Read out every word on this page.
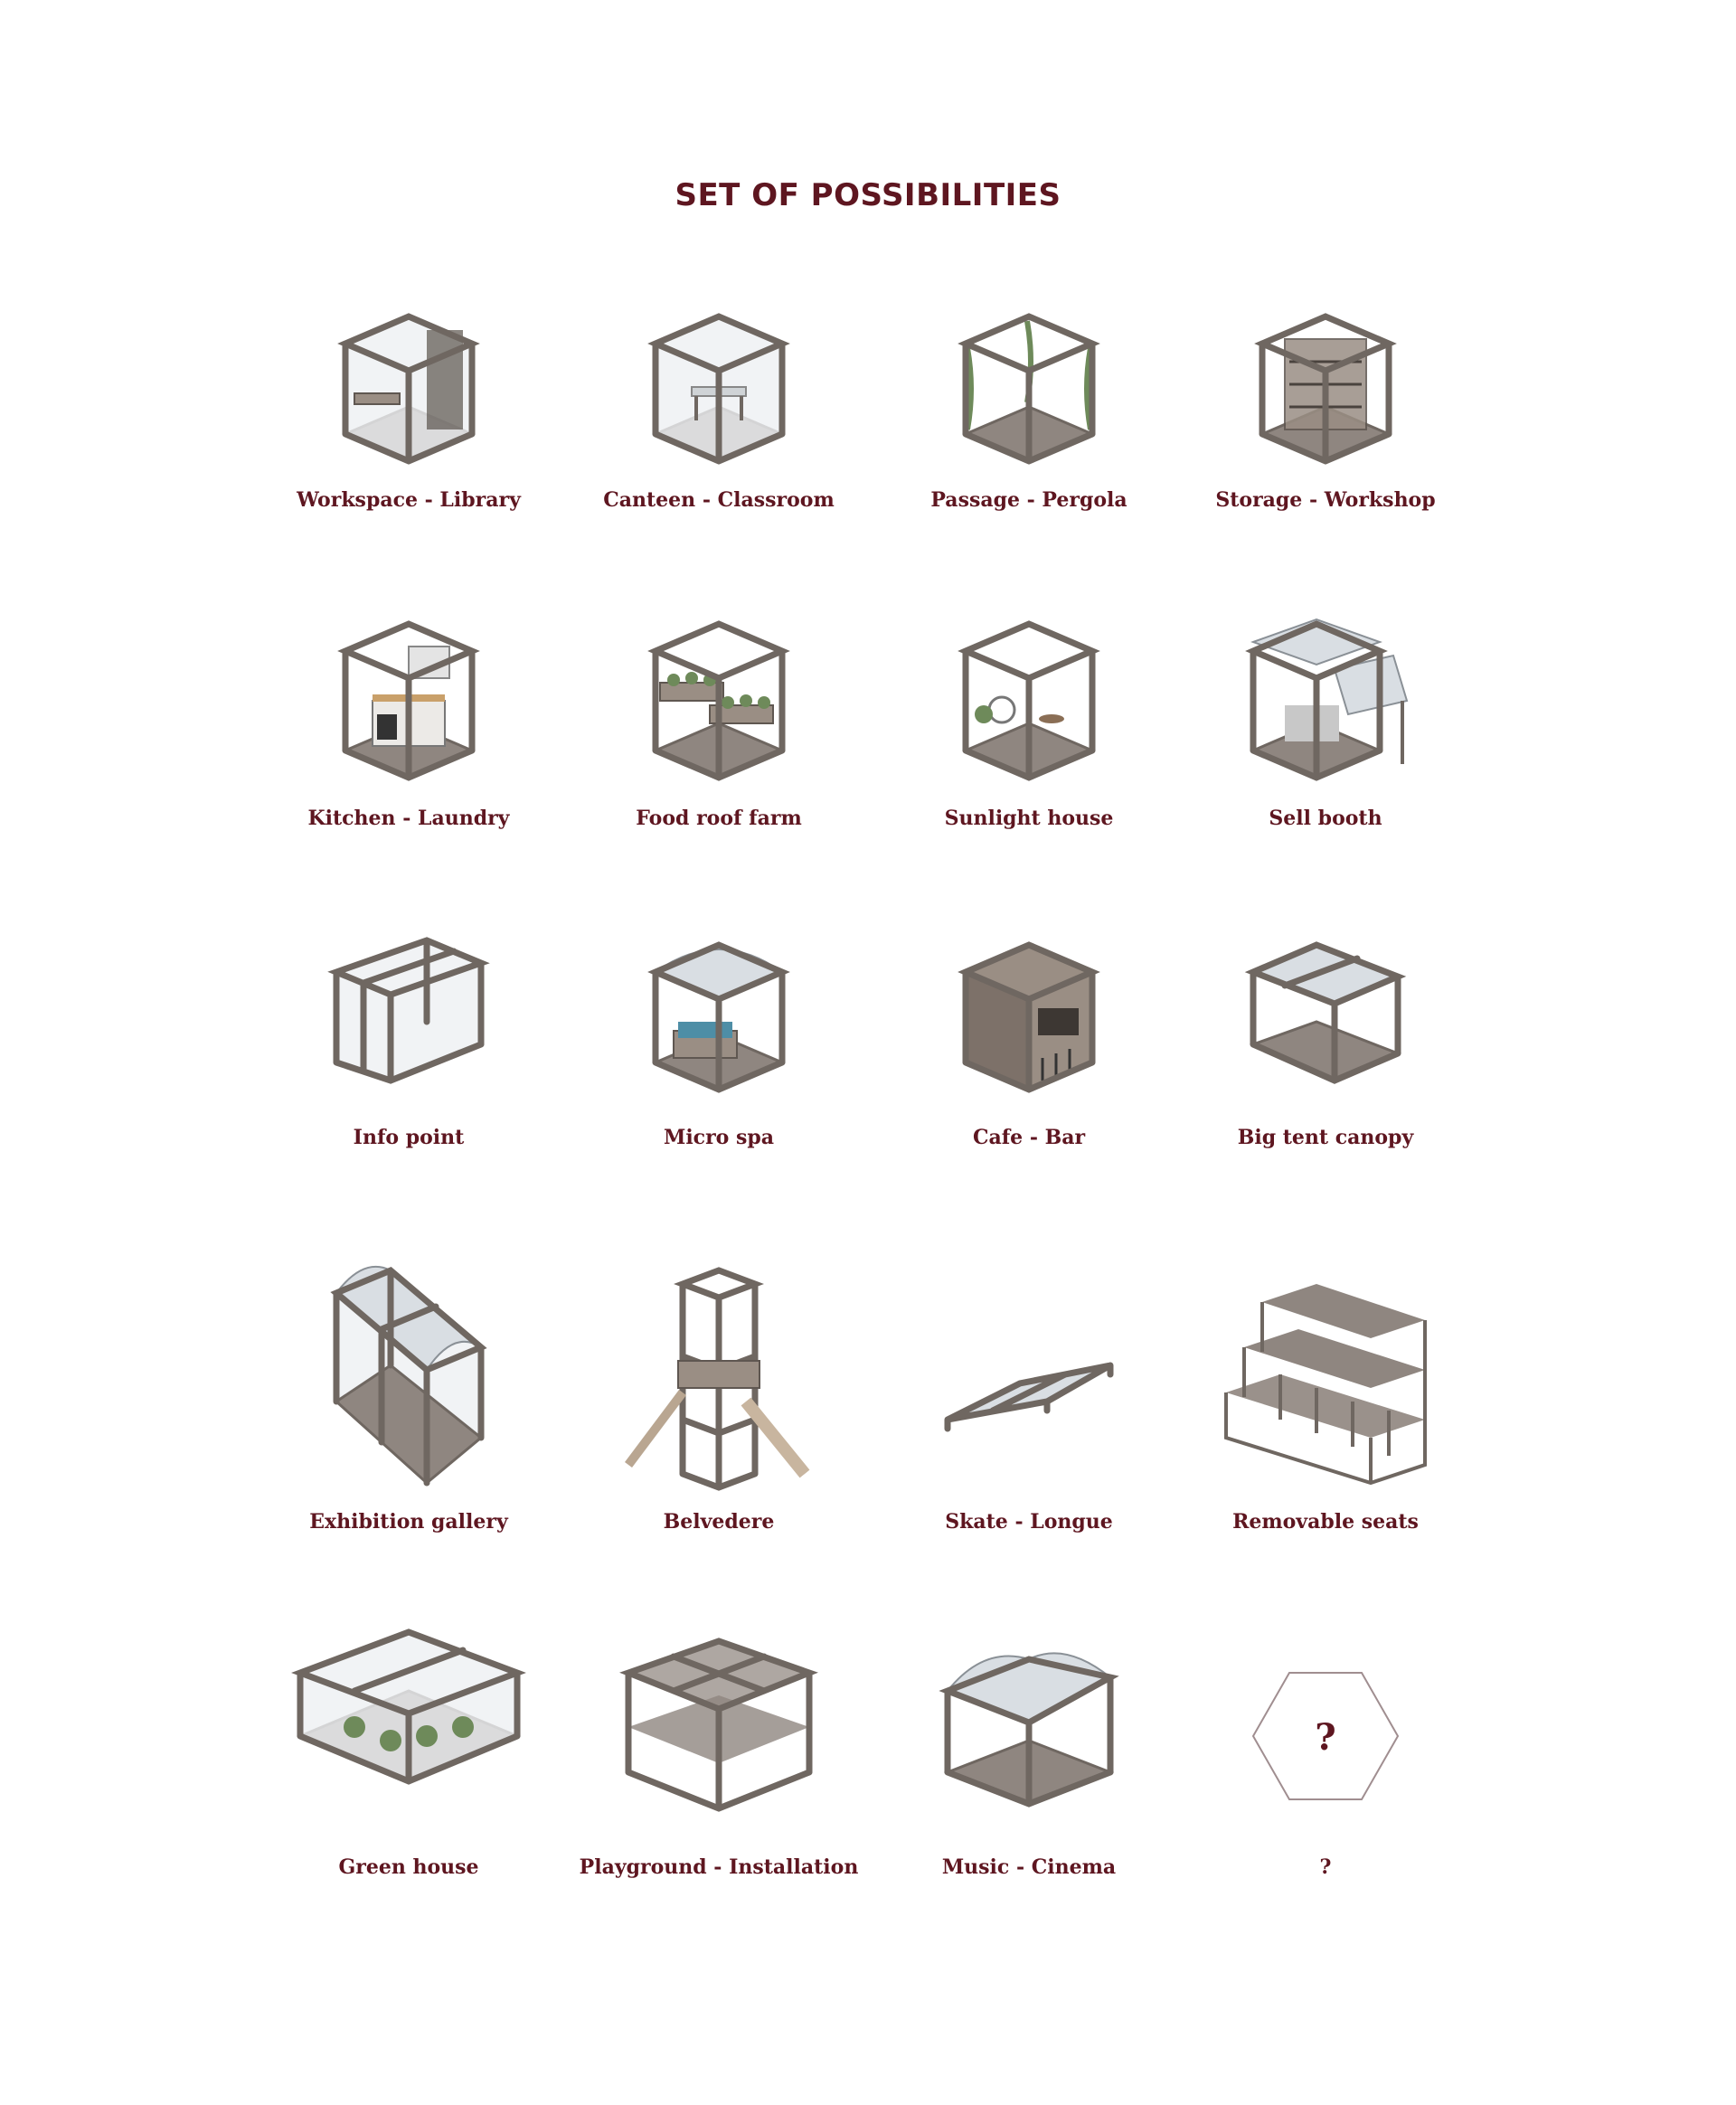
SET OF POSSIBILITIES
Workspace - Library	Canteen - Classroom	Passage - Pergola	Storage - Workshop
Kitchen - Laundry	Food roof farm	Sunlight house	Sell booth
Info point	Micro spa	Cafe - Bar	Big tent canopy
Exhibition gallery	Belvedere	Skate - Longue	Removable seats
Green house	Playground - Installation	Music - Cinema
?
?
